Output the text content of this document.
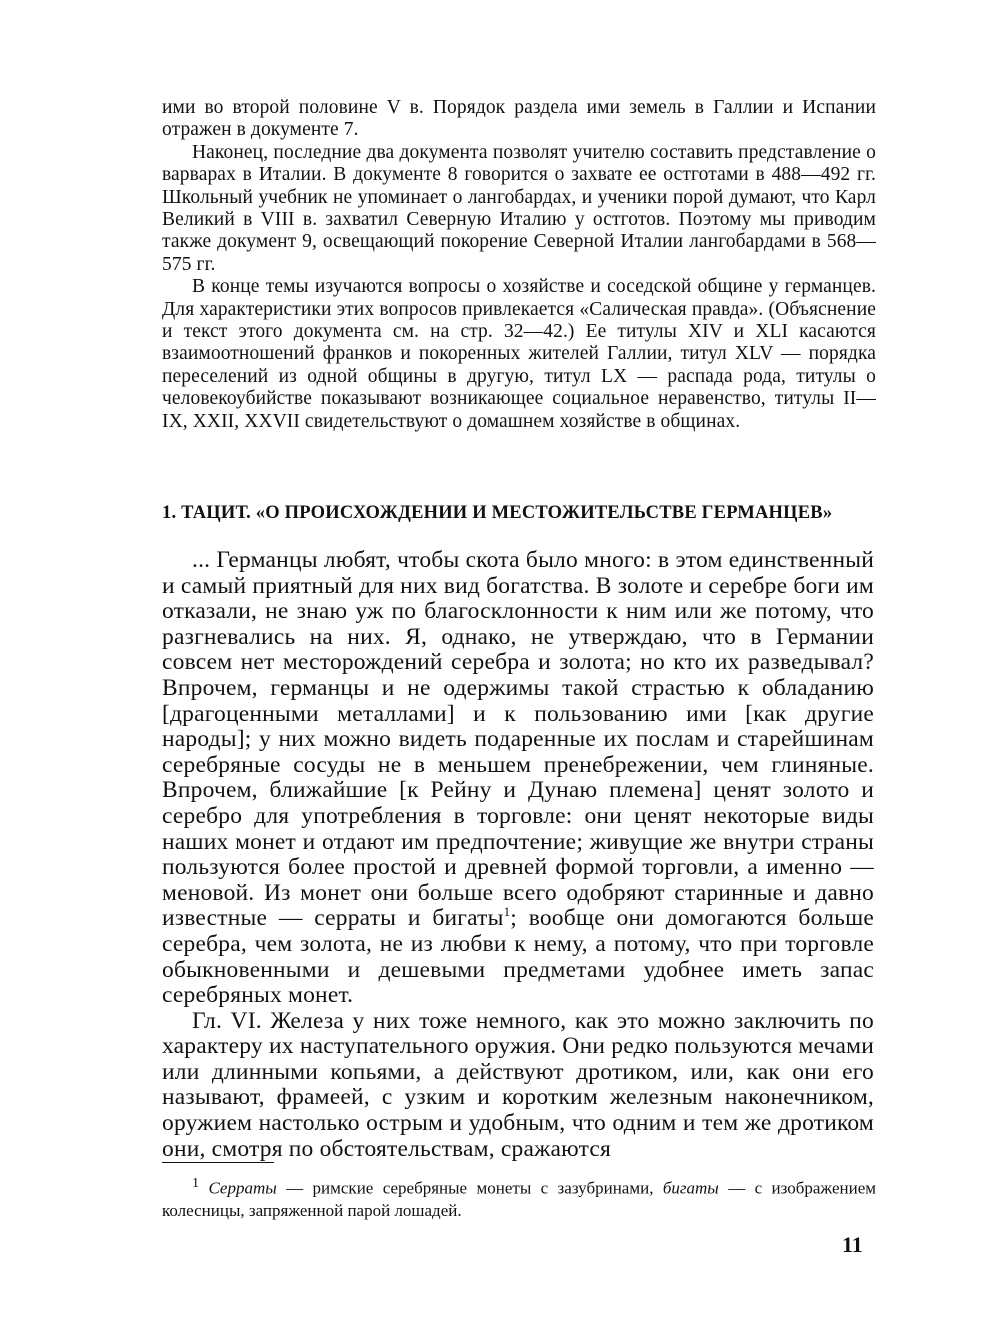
ими во второй половине V в. Порядок раздела ими земель в Галлии и Испании отражен в документе 7.

Наконец, последние два документа позволят учителю составить представление о варварах в Италии. В документе 8 говорится о захвате ее остготами в 488—492 гг. Школьный учебник не упоминает о лангобардах, и ученики порой думают, что Карл Великий в VIII в. захватил Северную Италию у остготов. Поэтому мы приводим также документ 9, освещающий покорение Северной Италии лангобардами в 568—575 гг.

В конце темы изучаются вопросы о хозяйстве и соседской общине у германцев. Для характеристики этих вопросов привлекается «Салическая правда». (Объяснение и текст этого документа см. на стр. 32—42.) Ее титулы XIV и XLI касаются взаимоотношений франков и покоренных жителей Галлии, титул XLV — порядка переселений из одной общины в другую, титул LX — распада рода, титулы о человекоубийстве показывают возникающее социальное неравенство, титулы II—IX, XXII, XXVII свидетельствуют о домашнем хозяйстве в общинах.

1. ТАЦИТ. «О ПРОИСХОЖДЕНИИ И МЕСТОЖИТЕЛЬСТВЕ ГЕРМАНЦЕВ»

... Германцы любят, чтобы скота было много: в этом единственный и самый приятный для них вид богатства. В золоте и серебре боги им отказали, не знаю уж по благосклонности к ним или же потому, что разгневались на них. Я, однако, не утверждаю, что в Германии совсем нет месторождений серебра и золота; но кто их разведывал? Впрочем, германцы и не одержимы такой страстью к обладанию [драгоценными металлами] и к пользованию ими [как другие народы]; у них можно видеть подаренные их послам и старейшинам серебряные сосуды не в меньшем пренебрежении, чем глиняные. Впрочем, ближайшие [к Рейну и Дунаю племена] ценят золото и серебро для употребления в торговле: они ценят некоторые виды наших монет и отдают им предпочтение; живущие же внутри страны пользуются более простой и древней формой торговли, а именно — меновой. Из монет они больше всего одобряют старинные и давно известные — серраты и бигаты$^1$; вообще они домогаются больше серебра, чем золота, не из любви к нему, а потому, что при торговле обыкновенными и дешевыми предметами удобнее иметь запас серебряных монет.

Гл. VI. Железа у них тоже немного, как это можно заключить по характеру их наступательного оружия. Они редко пользуются мечами или длинными копьями, а действуют дротиком, или, как они его называют, фрамеей, с узким и коротким железным наконечником, оружием настолько острым и удобным, что одним и тем же дротиком они, смотря по обстоятельствам, сражаются

$^1$ Серраты — римские серебряные монеты с зазубринами, бигаты — с изображением колесницы, запряженной парой лошадей.
11
